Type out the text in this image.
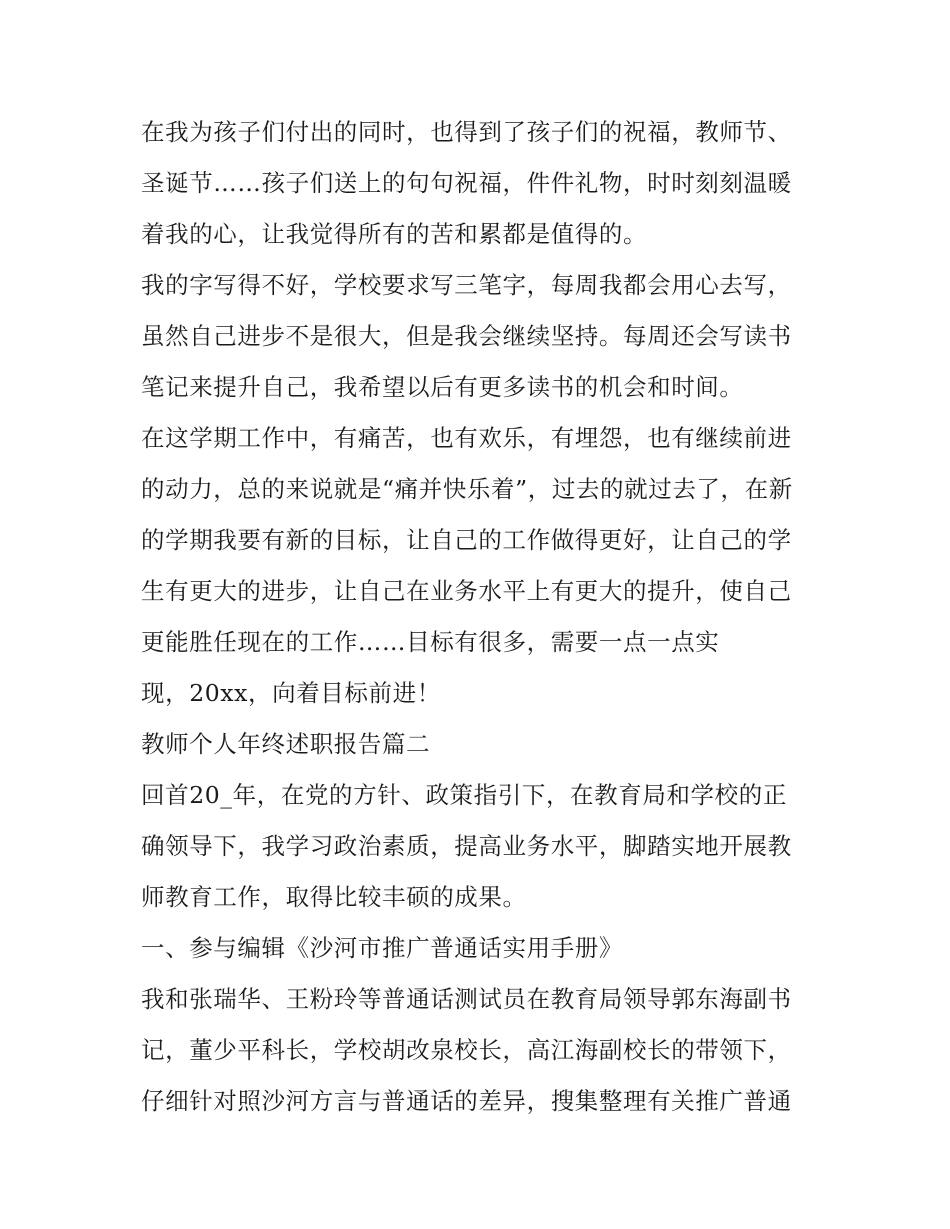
在我为孩子们付出的同时，也得到了孩子们的祝福，教师节、
圣诞节……孩子们送上的句句祝福，件件礼物，时时刻刻温暖
着我的心，让我觉得所有的苦和累都是值得的。
我的字写得不好，学校要求写三笔字，每周我都会用心去写，
虽然自己进步不是很大，但是我会继续坚持。每周还会写读书
笔记来提升自己，我希望以后有更多读书的机会和时间。
在这学期工作中，有痛苦，也有欢乐，有埋怨，也有继续前进
的动力，总的来说就是“痛并快乐着”，过去的就过去了，在新
的学期我要有新的目标，让自己的工作做得更好，让自己的学
生有更大的进步，让自己在业务水平上有更大的提升，使自己
更能胜任现在的工作……目标有很多，需要一点一点实
现，20xx，向着目标前进！
教师个人年终述职报告篇二
回首20_年，在党的方针、政策指引下，在教育局和学校的正
确领导下，我学习政治素质，提高业务水平，脚踏实地开展教
师教育工作，取得比较丰硕的成果。
一、参与编辑《沙河市推广普通话实用手册》
我和张瑞华、王粉玲等普通话测试员在教育局领导郭东海副书
记，董少平科长，学校胡改泉校长，高江海副校长的带领下，
仔细针对照沙河方言与普通话的差异，搜集整理有关推广普通
